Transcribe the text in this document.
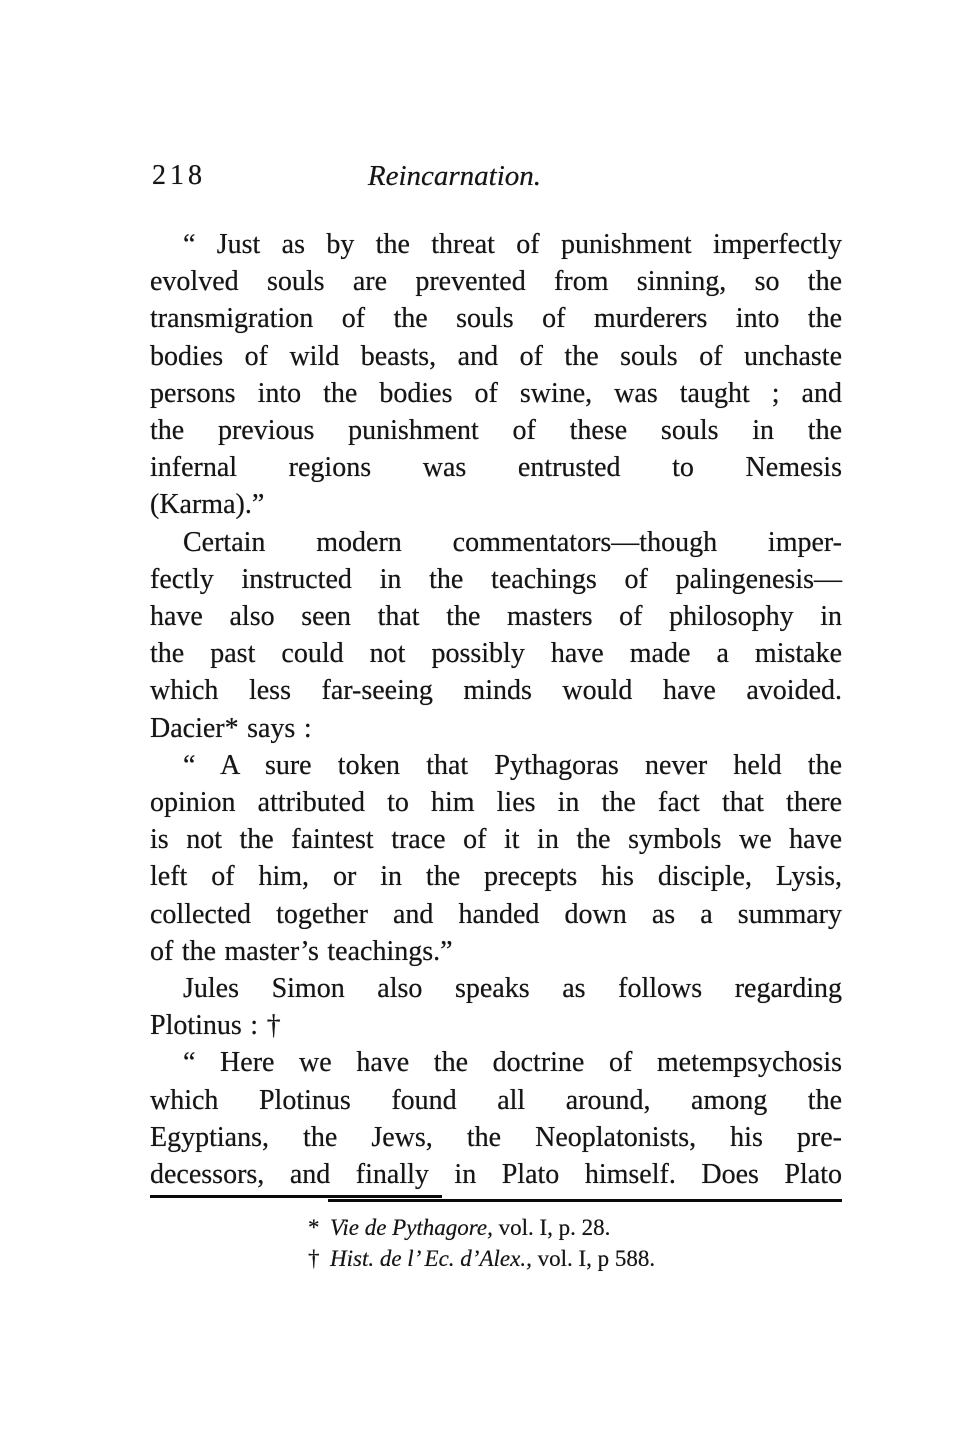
218	Reincarnation.
“ Just as by the threat of punishment imperfectly
evolved souls are prevented from sinning, so the
transmigration of the souls of murderers into the
bodies of wild beasts, and of the souls of unchaste
persons into the bodies of swine, was taught ; and
the previous punishment of these souls in the
infernal regions was entrusted to Nemesis
(Karma).”
Certain modern commentators—though imper-
fectly instructed in the teachings of palingenesis—
have also seen that the masters of philosophy in
the past could not possibly have made a mistake
which less far-seeing minds would have avoided.
Dacier* says :
“ A sure token that Pythagoras never held the
opinion attributed to him lies in the fact that there
is not the faintest trace of it in the symbols we have
left of him, or in the precepts his disciple, Lysis,
collected together and handed down as a summary
of the master’s teachings.”
Jules Simon also speaks as follows regarding
Plotinus : †
“ Here we have the doctrine of metempsychosis
which Plotinus found all around, among the
Egyptians, the Jews, the Neoplatonists, his pre-
decessors, and finally in Plato himself. Does Plato
* Vie de Pythagore, vol. I, p. 28.
† Hist. de l’ Ec. d’Alex., vol. I, p 588.
